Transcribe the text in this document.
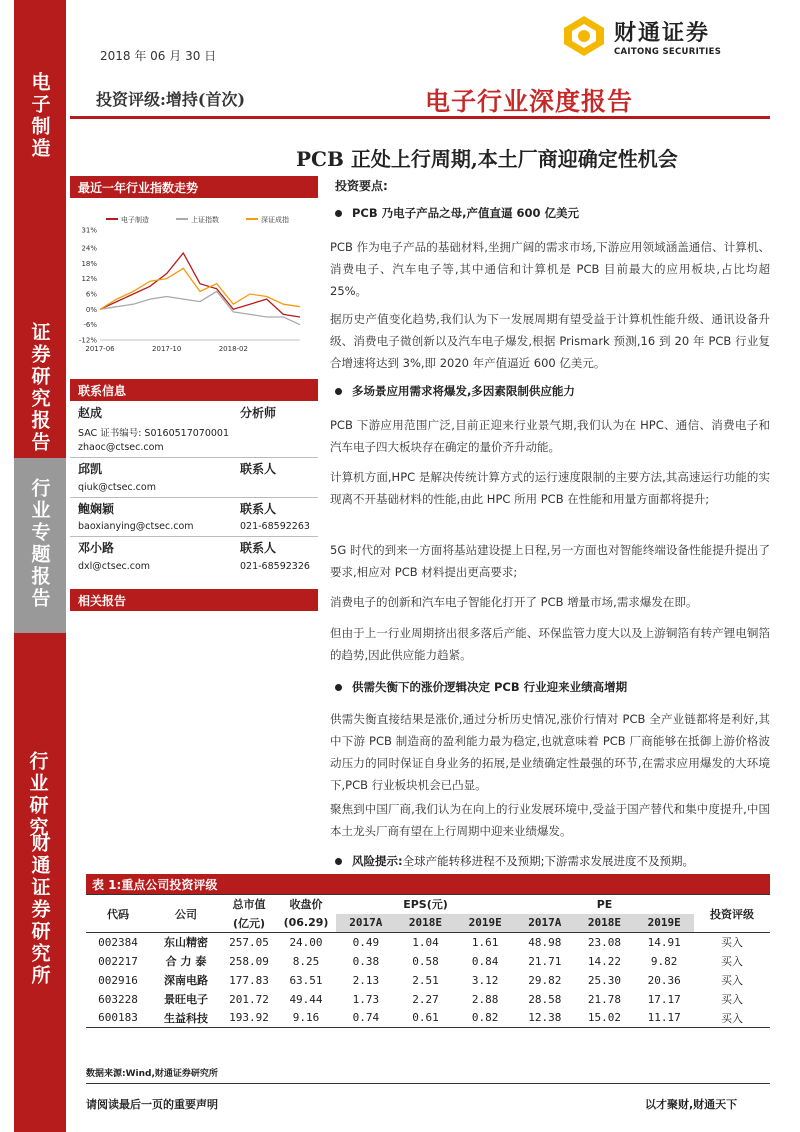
电子制造
证券研究报告
行业专题报告
行业研究
财通证券研究所
2018 年 06 月 30 日
财通证券
CAITONG SECURITIES
投资评级:增持(首次)	电子行业深度报告
PCB 正处上行周期,本土厂商迎确定性机会
最近一年行业指数走势
电子制造	上证指数	深证成指
31%
24%
18%
12%
6%
0%
-6%
-12%
2017-06	2017-10	2018-02
联系信息
赵成	分析师
SAC 证书编号: S0160517070001
zhaoc@ctsec.com
邱凯	联系人
qiuk@ctsec.com
鲍娴颖	联系人
baoxianying@ctsec.com	021-68592263
邓小路	联系人
dxl@ctsec.com	021-68592326
相关报告
投资要点:
PCB 乃电子产品之母,产值直逼 600 亿美元
PCB 作为电子产品的基础材料,坐拥广阔的需求市场,下游应用领域涵盖通信、计算机、消费电子、汽车电子等,其中通信和计算机是 PCB 目前最大的应用板块,占比均超 25%。
据历史产值变化趋势,我们认为下一发展周期有望受益于计算机性能升级、通讯设备升级、消费电子微创新以及汽车电子爆发,根据 Prismark 预测,16 到 20 年 PCB 行业复合增速将达到 3%,即 2020 年产值逼近 600 亿美元。
多场景应用需求将爆发,多因素限制供应能力
PCB 下游应用范围广泛,目前正迎来行业景气期,我们认为在 HPC、通信、消费电子和汽车电子四大板块存在确定的量价齐升动能。
计算机方面,HPC 是解决传统计算方式的运行速度限制的主要方法,其高速运行功能的实现离不开基础材料的性能,由此 HPC 所用 PCB 在性能和用量方面都将提升;
5G 时代的到来一方面将基站建设提上日程,另一方面也对智能终端设备性能提升提出了要求,相应对 PCB 材料提出更高要求;
消费电子的创新和汽车电子智能化打开了 PCB 增量市场,需求爆发在即。
但由于上一行业周期挤出很多落后产能、环保监管力度大以及上游铜箔有转产锂电铜箔的趋势,因此供应能力趋紧。
供需失衡下的涨价逻辑决定 PCB 行业迎来业绩高增期
供需失衡直接结果是涨价,通过分析历史情况,涨价行情对 PCB 全产业链都将是利好,其中下游 PCB 制造商的盈利能力最为稳定,也就意味着 PCB 厂商能够在抵御上游价格波动压力的同时保证自身业务的拓展,是业绩确定性最强的环节,在需求应用爆发的大环境下,PCB 行业板块机会已凸显。
聚焦到中国厂商,我们认为在向上的行业发展环境中,受益于国产替代和集中度提升,中国本土龙头厂商有望在上行周期中迎来业绩爆发。
风险提示:全球产能转移进程不及预期;下游需求发展进度不及预期。
表 1:重点公司投资评级
代码	公司	总市值	收盘价	EPS(元)			PE			投资评级
		(亿元)	(06.29)	2017A	2018E	2019E	2017A	2018E	2019E	
002384	东山精密	257.05	24.00	0.49	1.04	1.61	48.98	23.08	14.91	买入
002217	合 力 泰	258.09	8.25	0.38	0.58	0.84	21.71	14.22	9.82	买入
002916	深南电路	177.83	63.51	2.13	2.51	3.12	29.82	25.30	20.36	买入
603228	景旺电子	201.72	49.44	1.73	2.27	2.88	28.58	21.78	17.17	买入
600183	生益科技	193.92	9.16	0.74	0.61	0.82	12.38	15.02	11.17	买入
数据来源:Wind,财通证券研究所
请阅读最后一页的重要声明	以才聚财,财通天下
